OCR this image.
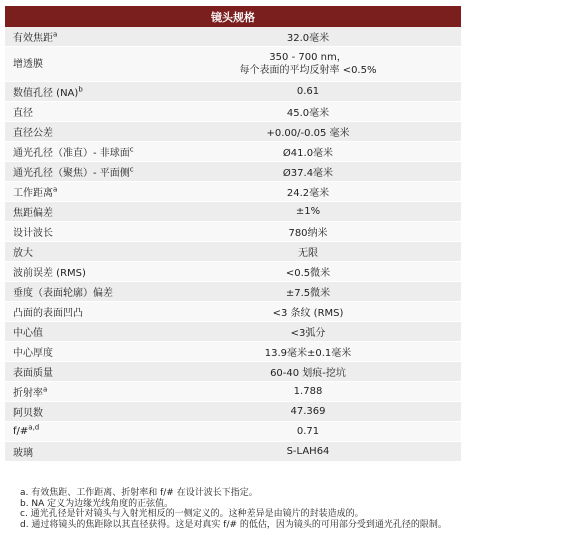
镜头规格	
有效焦距$^a$	32.0毫米

增透膜	350 - 700 nm，
每个表面的平均反射率 <0.5%

数值孔径 (NA)$^b$	0.61

直径	45.0毫米

直径公差	+0.00/-0.05 毫米

通光孔径（准直）- 非球面$^c$	Ø41.0毫米

通光孔径（聚焦）- 平面侧$^c$	Ø37.4毫米

工作距离$^a$	24.2毫米

焦距偏差	±1%

设计波长	780纳米

放大	无限

波前误差 (RMS)	<0.5微米

垂度（表面轮廓）偏差	±7.5微米

凸面的表面凹凸	<3 条纹 (RMS)

中心值	<3弧分

中心厚度	13.9毫米±0.1毫米

表面质量	60-40 划痕-挖坑

折射率$^a$	1.788

阿贝数	47.369

f/#$^{a,d}$	0.71

玻璃	S-LAH64
a. 有效焦距、工作距离、折射率和 f/# 在设计波长下指定。
b. NA 定义为边缘光线角度的正弦值。
c. 通光孔径是针对镜头与入射光相反的一侧定义的。这种差异是由镜片的封装造成的。
d. 通过将镜头的焦距除以其直径获得。这是对真实 f/# 的低估，因为镜头的可用部分受到通光孔径的限制。
